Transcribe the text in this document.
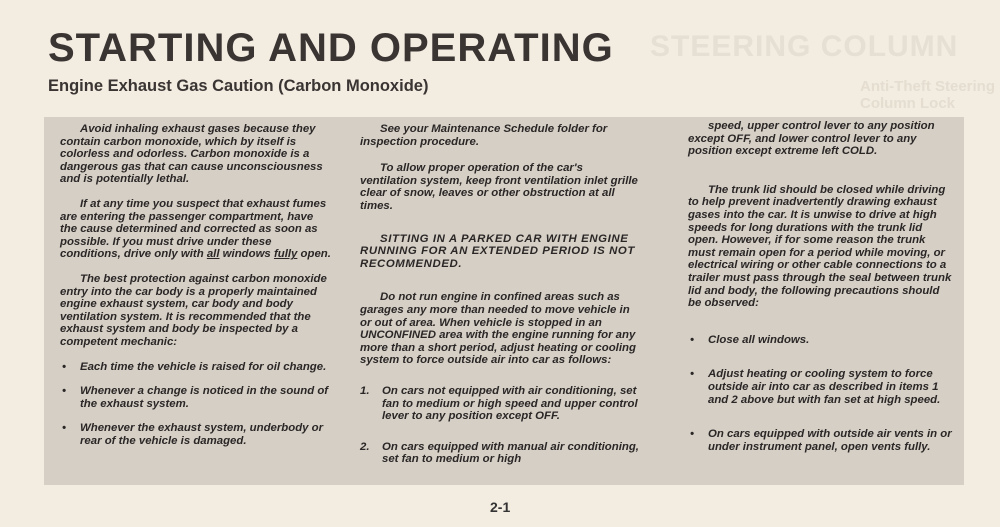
STEERING COLUMN
Anti-Theft Steering
Column Lock
STARTING AND OPERATING
Engine Exhaust Gas Caution (Carbon Monoxide)

Avoid inhaling exhaust gases because they contain carbon monoxide, which by itself is colorless and odorless. Carbon monoxide is a dangerous gas that can cause unconsciousness and is potentially lethal.

If at any time you suspect that exhaust fumes are entering the passenger compartment, have the cause determined and corrected as soon as possible. If you must drive under these conditions, drive only with all windows fully open.

The best protection against carbon monoxide entry into the car body is a properly maintained engine exhaust system, car body and body ventilation system. It is recommended that the exhaust system and body be inspected by a competent mechanic:

• Each time the vehicle is raised for oil change.

• Whenever a change is noticed in the sound of the exhaust system.

• Whenever the exhaust system, underbody or rear of the vehicle is damaged.

See your Maintenance Schedule folder for inspection procedure.

To allow proper operation of the car's ventilation system, keep front ventilation inlet grille clear of snow, leaves or other obstruction at all times.

SITTING IN A PARKED CAR WITH ENGINE RUNNING FOR AN EXTENDED PERIOD IS NOT RECOMMENDED.

Do not run engine in confined areas such as garages any more than needed to move vehicle in or out of area. When vehicle is stopped in an UNCONFINED area with the engine running for any more than a short period, adjust heating or cooling system to force outside air into car as follows:

1. On cars not equipped with air conditioning, set fan to medium or high speed and upper control lever to any position except OFF.

2. On cars equipped with manual air conditioning, set fan to medium or high

speed, upper control lever to any position except OFF, and lower control lever to any position except extreme left COLD.

The trunk lid should be closed while driving to help prevent inadvertently drawing exhaust gases into the car. It is unwise to drive at high speeds for long durations with the trunk lid open. However, if for some reason the trunk must remain open for a period while moving, or electrical wiring or other cable connections to a trailer must pass through the seal between trunk lid and body, the following precautions should be observed:

• Close all windows.

• Adjust heating or cooling system to force outside air into car as described in items 1 and 2 above but with fan set at high speed.

• On cars equipped with outside air vents in or under instrument panel, open vents fully.

2-1
